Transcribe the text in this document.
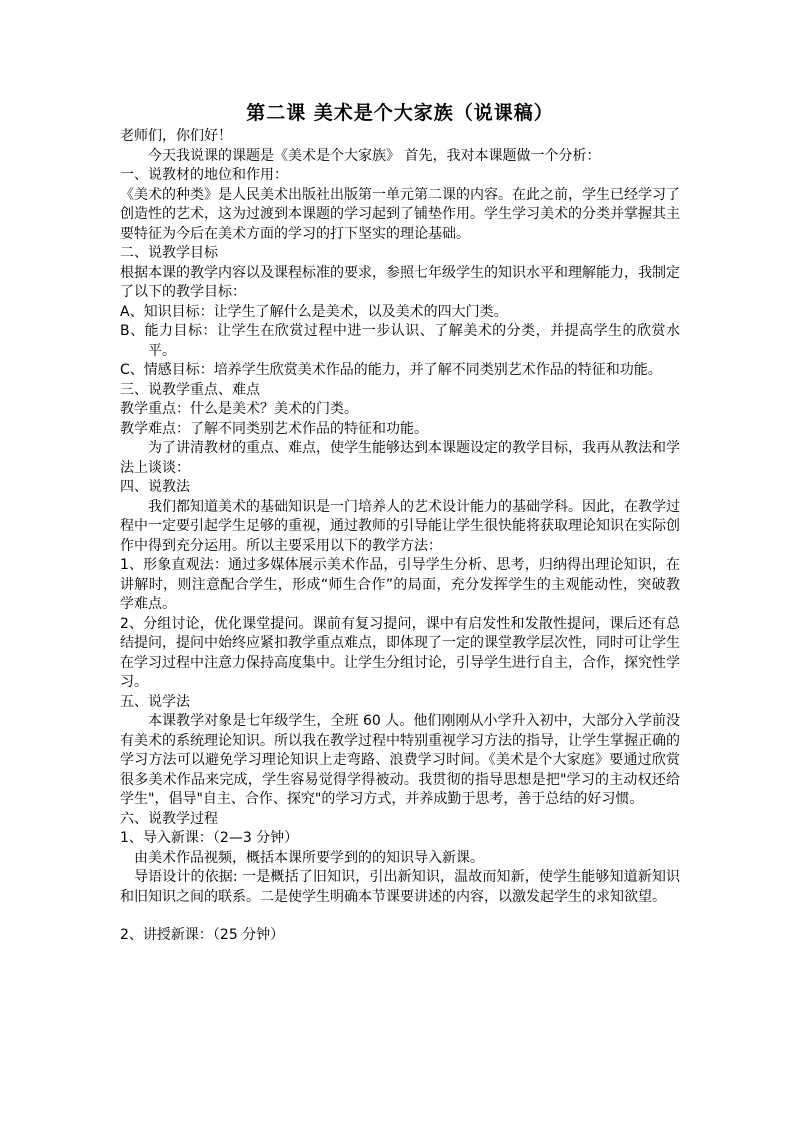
第二课 美术是个大家族（说课稿）

老师们，你们好！

今天我说课的课题是《美术是个大家族》 首先，我对本课题做一个分析：

一、说教材的地位和作用：

《美术的种类》是人民美术出版社出版第一单元第二课的内容。在此之前，学生已经学习了创造性的艺术，这为过渡到本课题的学习起到了铺垫作用。学生学习美术的分类并掌握其主要特征为今后在美术方面的学习的打下坚实的理论基础。

二、说教学目标

根据本课的教学内容以及课程标准的要求，参照七年级学生的知识水平和理解能力，我制定了以下的教学目标：

A、知识目标：让学生了解什么是美术，以及美术的四大门类。

B、能力目标：让学生在欣赏过程中进一步认识、了解美术的分类，并提高学生的欣赏水平。

C、情感目标：培养学生欣赏美术作品的能力，并了解不同类别艺术作品的特征和功能。

三、说教学重点、难点

教学重点：什么是美术？美术的门类。

教学难点：了解不同类别艺术作品的特征和功能。

为了讲清教材的重点、难点，使学生能够达到本课题设定的教学目标，我再从教法和学法上谈谈：

四、说教法

我们都知道美术的基础知识是一门培养人的艺术设计能力的基础学科。因此，在教学过程中一定要引起学生足够的重视，通过教师的引导能让学生很快能将获取理论知识在实际创作中得到充分运用。所以主要采用以下的教学方法：

1、形象直观法：通过多媒体展示美术作品，引导学生分析、思考，归纳得出理论知识，在讲解时，则注意配合学生，形成“师生合作”的局面，充分发挥学生的主观能动性，突破教学难点。

2、分组讨论，优化课堂提问。课前有复习提问，课中有启发性和发散性提问，课后还有总结提问，提问中始终应紧扣教学重点难点，即体现了一定的课堂教学层次性，同时可让学生在学习过程中注意力保持高度集中。让学生分组讨论，引导学生进行自主，合作，探究性学习。

五、说学法

本课教学对象是七年级学生，全班 60 人。他们刚刚从小学升入初中，大部分入学前没有美术的系统理论知识。所以我在教学过程中特别重视学习方法的指导，让学生掌握正确的学习方法可以避免学习理论知识上走弯路、浪费学习时间。《美术是个大家庭》要通过欣赏很多美术作品来完成，学生容易觉得学得被动。我贯彻的指导思想是把"学习的主动权还给学生"，倡导"自主、合作、探究"的学习方式，并养成勤于思考，善于总结的好习惯。

六、说教学过程

1、导入新课：（2—3 分钟）

由美术作品视频，概括本课所要学到的的知识导入新课。

导语设计的依据: 一是概括了旧知识，引出新知识，温故而知新，使学生能够知道新知识和旧知识之间的联系。二是使学生明确本节课要讲述的内容，以激发起学生的求知欲望。

2、讲授新课：（25 分钟）
